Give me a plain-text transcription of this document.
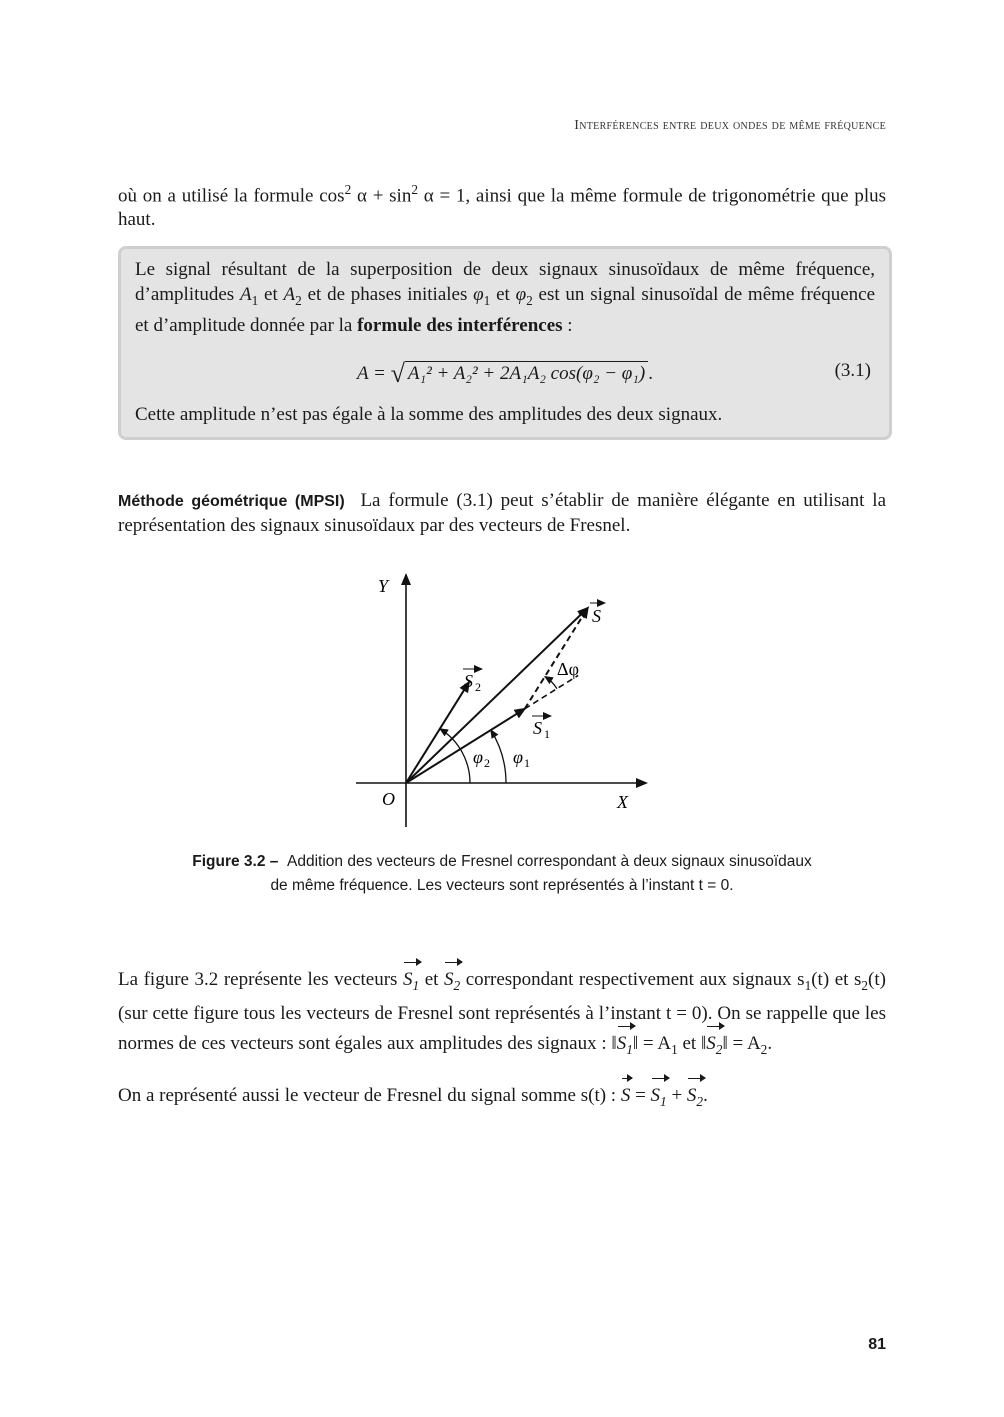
Interférences entre deux ondes de même fréquence
où on a utilisé la formule $\cos^2 \alpha + \sin^2 \alpha = 1$, ainsi que la même formule de trigonométrie que plus haut.

Le signal résultant de la superposition de deux signaux sinusoïdaux de même fréquence, d’amplitudes $A_1$ et $A_2$ et de phases initiales $\varphi_1$ et $\varphi_2$ est un signal sinusoïdal de même fréquence et d’amplitude donnée par la formule des interférences :

A = √ A₁² + A₂² + 2A₁A₂ cos(φ₂ − φ₁) .	(3.1)

Cette amplitude n’est pas égale à la somme des amplitudes des deux signaux.

Méthode géométrique (MPSI) La formule (3.1) peut s’établir de manière élégante en utilisant la représentation des signaux sinusoïdaux par des vecteurs de Fresnel.
Y
X
O
S
S 2
S 1
φ 2 φ 1
Δφ
Figure 3.2 – Addition des vecteurs de Fresnel correspondant à deux signaux sinusoïdaux de même fréquence. Les vecteurs sont représentés à l’instant t = 0.
La figure 3.2 représente les vecteurs $S_1$ et $S_2$ correspondant respectivement aux signaux $s_1(t)$ et $s_2(t)$ (sur cette figure tous les vecteurs de Fresnel sont représentés à l’instant t = 0). On se rappelle que les normes de ces vecteurs sont égales aux amplitudes des signaux : $‖S_1‖ = A_1$ et $‖S_2‖ = A_2$.
On a représenté aussi le vecteur de Fresnel du signal somme s(t) : $S = S_1 + S_2$.
81
